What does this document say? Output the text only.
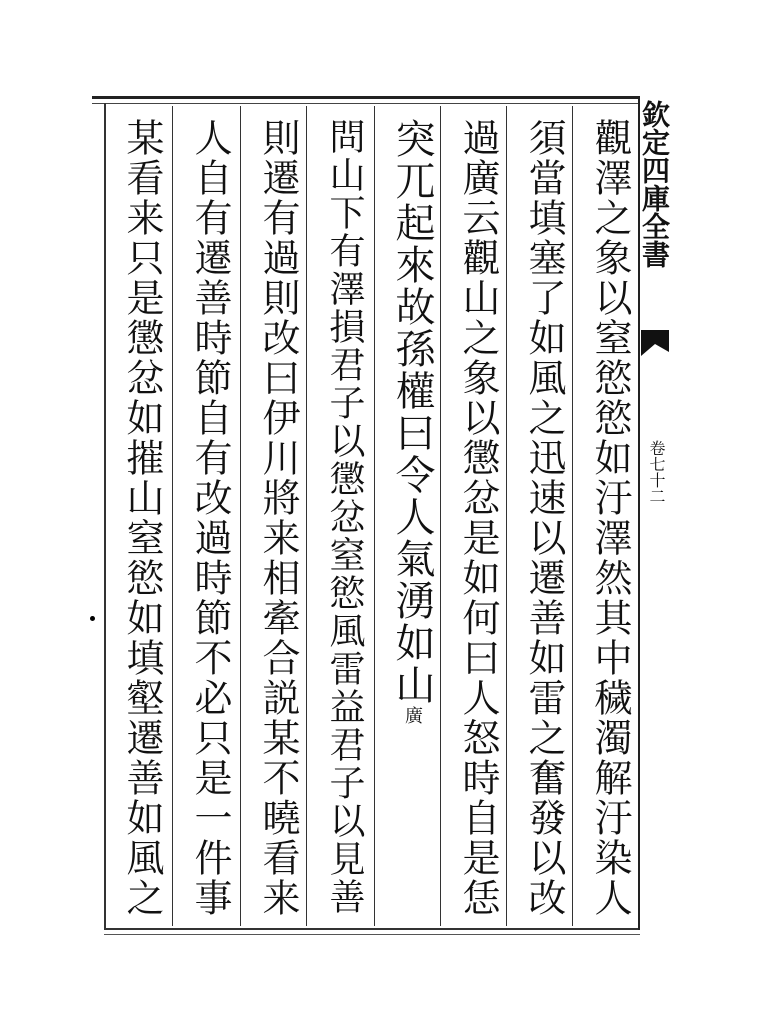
欽定四庫全書
卷七十二
觀澤之象以窒慾慾如汙澤然其中穢濁解汙染人
須當填塞了如風之迅速以遷善如雷之奮發以改
過廣云觀山之象以懲忿是如何曰人怒時自是恁
突兀起來故孫權曰令人氣湧如山廣
問山下有澤損君子以懲忿窒慾風雷益君子以見善
則遷有過則改曰伊川將来相牽合説某不曉看来
人自有遷善時節自有改過時節不必只是一件事
某看来只是懲忿如摧山窒慾如填壑遷善如風之
